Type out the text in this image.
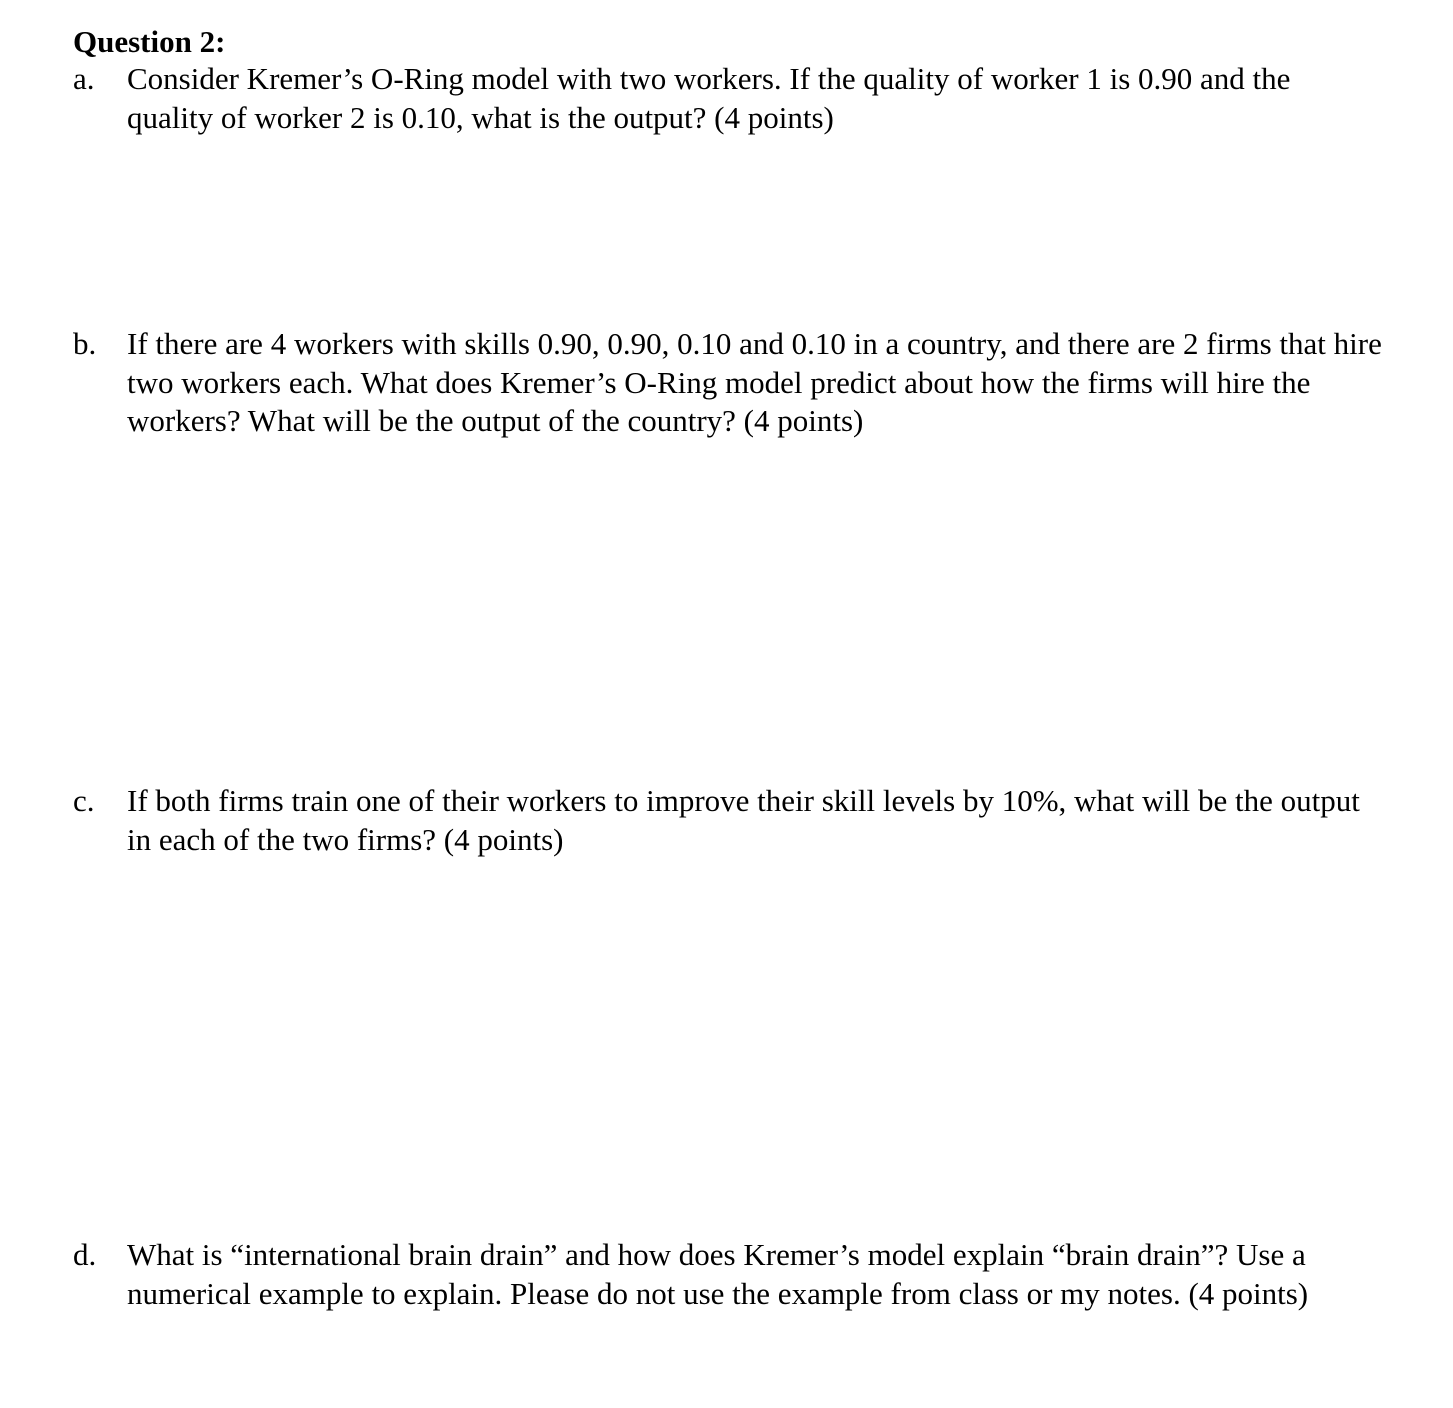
Question 2:
a.	Consider Kremer’s O-Ring model with two workers. If the quality of worker 1 is 0.90 and the quality of worker 2 is 0.10, what is the output? (4 points)
b. If there are 4 workers with skills 0.90, 0.90, 0.10 and 0.10 in a country, and there are 2 firms that hire two workers each. What does Kremer’s O-Ring model predict about how the firms will hire the workers? What will be the output of the country? (4 points)
c.	If both firms train one of their workers to improve their skill levels by 10%, what will be the output in each of the two firms? (4 points)
d. What is “international brain drain” and how does Kremer’s model explain “brain drain”? Use a numerical example to explain. Please do not use the example from class or my notes. (4 points)
